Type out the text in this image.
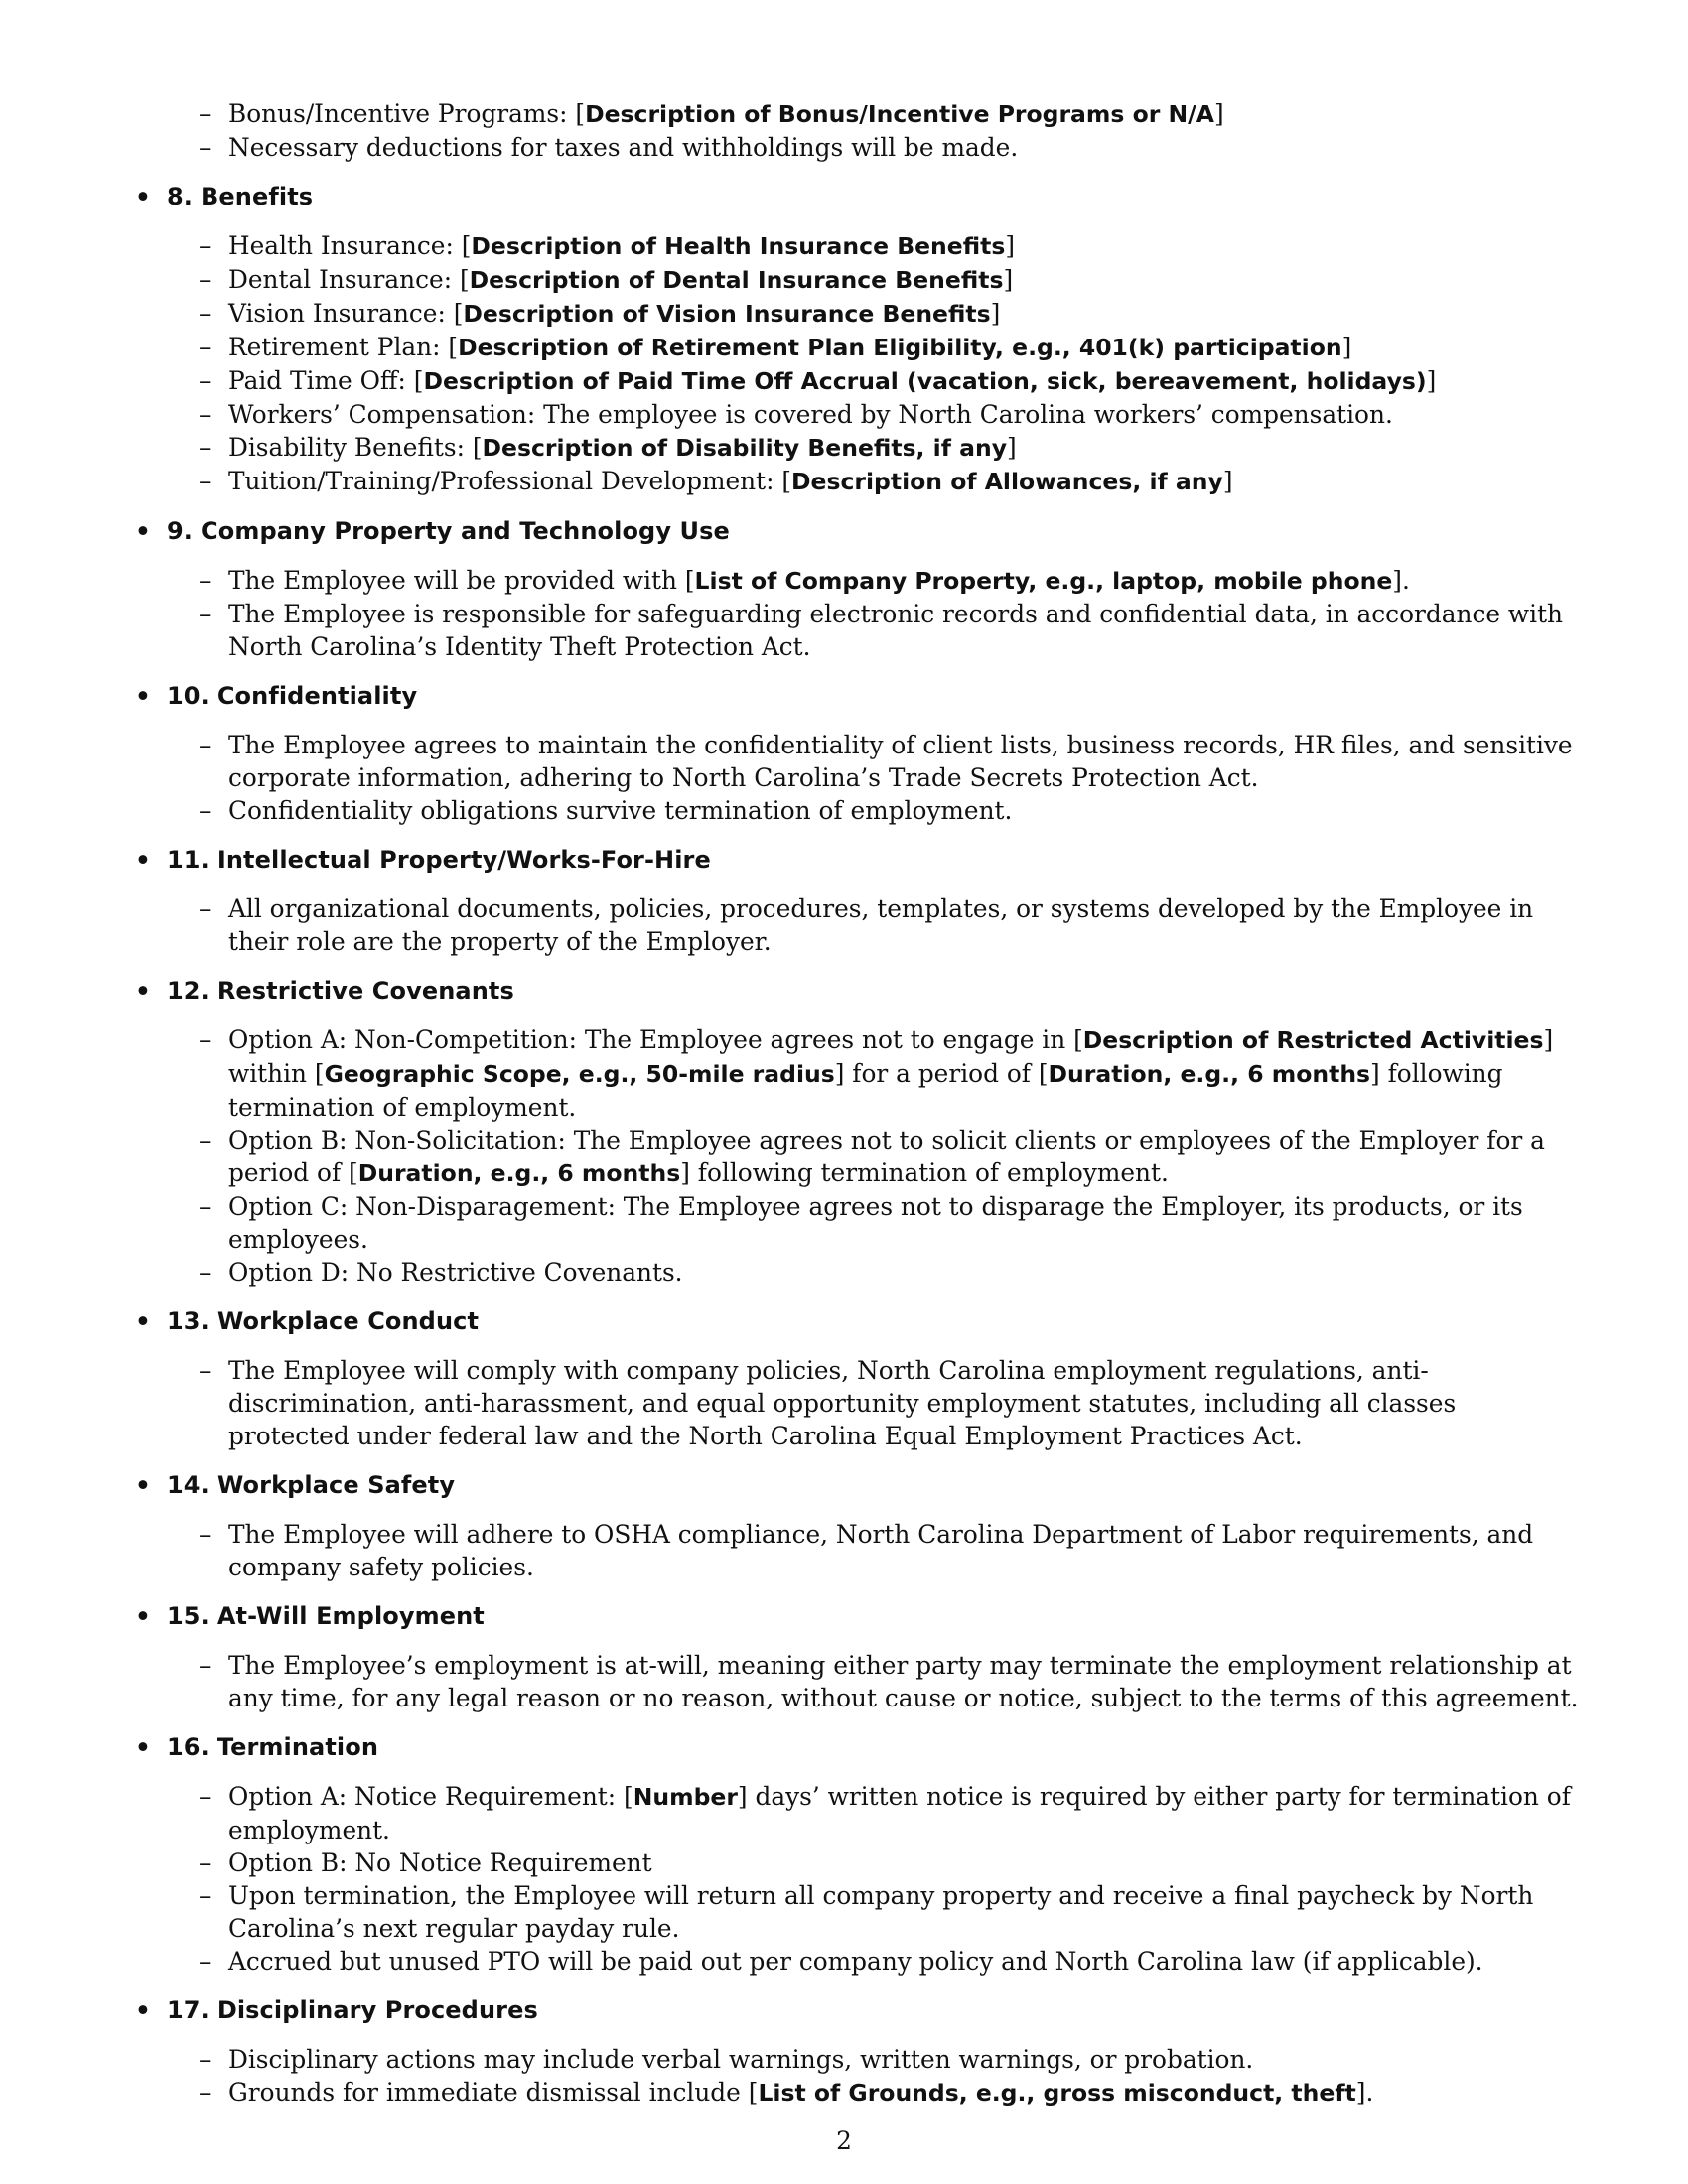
– Bonus/Incentive Programs: [Description of Bonus/Incentive Programs or N/A]
– Necessary deductions for taxes and withholdings will be made.
• 8. Benefits
– Health Insurance: [Description of Health Insurance Benefits]
– Dental Insurance: [Description of Dental Insurance Benefits]
– Vision Insurance: [Description of Vision Insurance Benefits]
– Retirement Plan: [Description of Retirement Plan Eligibility, e.g., 401(k) participation]
– Paid Time Off: [Description of Paid Time Off Accrual (vacation, sick, bereavement, holidays)]
– Workers’ Compensation: The employee is covered by North Carolina workers’ compensation.
– Disability Benefits: [Description of Disability Benefits, if any]
– Tuition/Training/Professional Development: [Description of Allowances, if any]
• 9. Company Property and Technology Use
– The Employee will be provided with [List of Company Property, e.g., laptop, mobile phone].
– The Employee is responsible for safeguarding electronic records and confidential data, in accordance with North Carolina’s Identity Theft Protection Act.
• 10. Confidentiality
– The Employee agrees to maintain the confidentiality of client lists, business records, HR files, and sensitive corporate information, adhering to North Carolina’s Trade Secrets Protection Act.
– Confidentiality obligations survive termination of employment.
• 11. Intellectual Property/Works-For-Hire
– All organizational documents, policies, procedures, templates, or systems developed by the Employee in their role are the property of the Employer.
• 12. Restrictive Covenants
– Option A: Non-Competition: The Employee agrees not to engage in [Description of Restricted Activities] within [Geographic Scope, e.g., 50-mile radius] for a period of [Duration, e.g., 6 months] following termination of employment.
– Option B: Non-Solicitation: The Employee agrees not to solicit clients or employees of the Employer for a period of [Duration, e.g., 6 months] following termination of employment.
– Option C: Non-Disparagement: The Employee agrees not to disparage the Employer, its products, or its employees.
– Option D: No Restrictive Covenants.
• 13. Workplace Conduct
– The Employee will comply with company policies, North Carolina employment regulations, anti-discrimination, anti-harassment, and equal opportunity employment statutes, including all classes protected under federal law and the North Carolina Equal Employment Practices Act.
• 14. Workplace Safety
– The Employee will adhere to OSHA compliance, North Carolina Department of Labor requirements, and company safety policies.
• 15. At-Will Employment
– The Employee’s employment is at-will, meaning either party may terminate the employment relationship at any time, for any legal reason or no reason, without cause or notice, subject to the terms of this agreement.
• 16. Termination
– Option A: Notice Requirement: [Number] days’ written notice is required by either party for termination of employment.
– Option B: No Notice Requirement
– Upon termination, the Employee will return all company property and receive a final paycheck by North Carolina’s next regular payday rule.
– Accrued but unused PTO will be paid out per company policy and North Carolina law (if applicable).
• 17. Disciplinary Procedures
– Disciplinary actions may include verbal warnings, written warnings, or probation.
– Grounds for immediate dismissal include [List of Grounds, e.g., gross misconduct, theft].
2
